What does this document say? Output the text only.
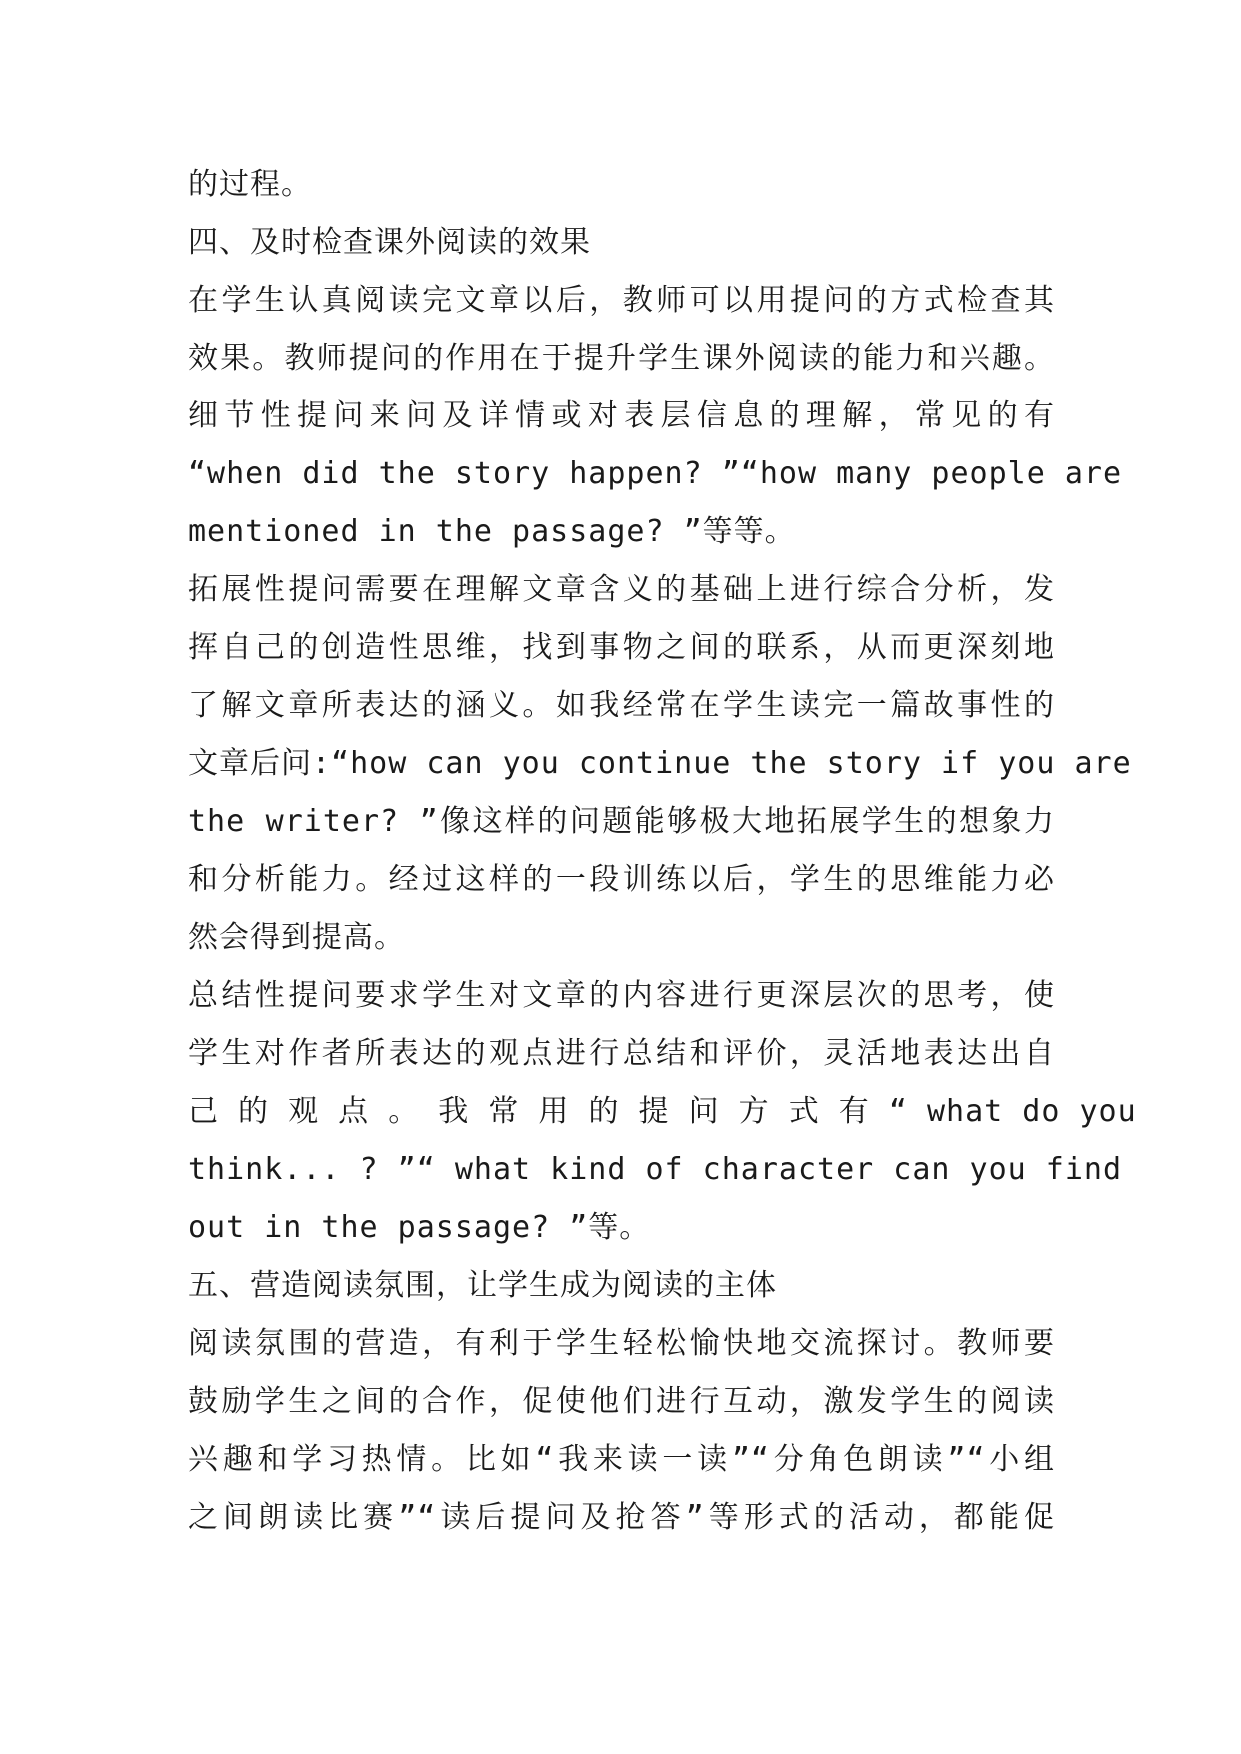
的过程。
四、及时检查课外阅读的效果
在学生认真阅读完文章以后，教师可以用提问的方式检查其
效果。教师提问的作用在于提升学生课外阅读的能力和兴趣。
细节性提问来问及详情或对表层信息的理解，常见的有
“when did the story happen? ”“how many people are
mentioned in the passage? ”等等。
拓展性提问需要在理解文章含义的基础上进行综合分析，发
挥自己的创造性思维，找到事物之间的联系，从而更深刻地
了解文章所表达的涵义。如我经常在学生读完一篇故事性的
文章后问:“how can you continue the story if you are
the writer? ”像这样的问题能够极大地拓展学生的想象力
和分析能力。经过这样的一段训练以后，学生的思维能力必
然会得到提高。
总结性提问要求学生对文章的内容进行更深层次的思考，使
学生对作者所表达的观点进行总结和评价，灵活地表达出自
己 的 观 点 。 我 常 用 的 提 问 方 式 有 “ what do you
think... ? ”“ what kind of character can you find
out in the passage? ”等。
五、营造阅读氛围，让学生成为阅读的主体
阅读氛围的营造，有利于学生轻松愉快地交流探讨。教师要
鼓励学生之间的合作，促使他们进行互动，激发学生的阅读
兴趣和学习热情。比如“我来读一读”“分角色朗读”“小组
之间朗读比赛”“读后提问及抢答”等形式的活动，都能促
